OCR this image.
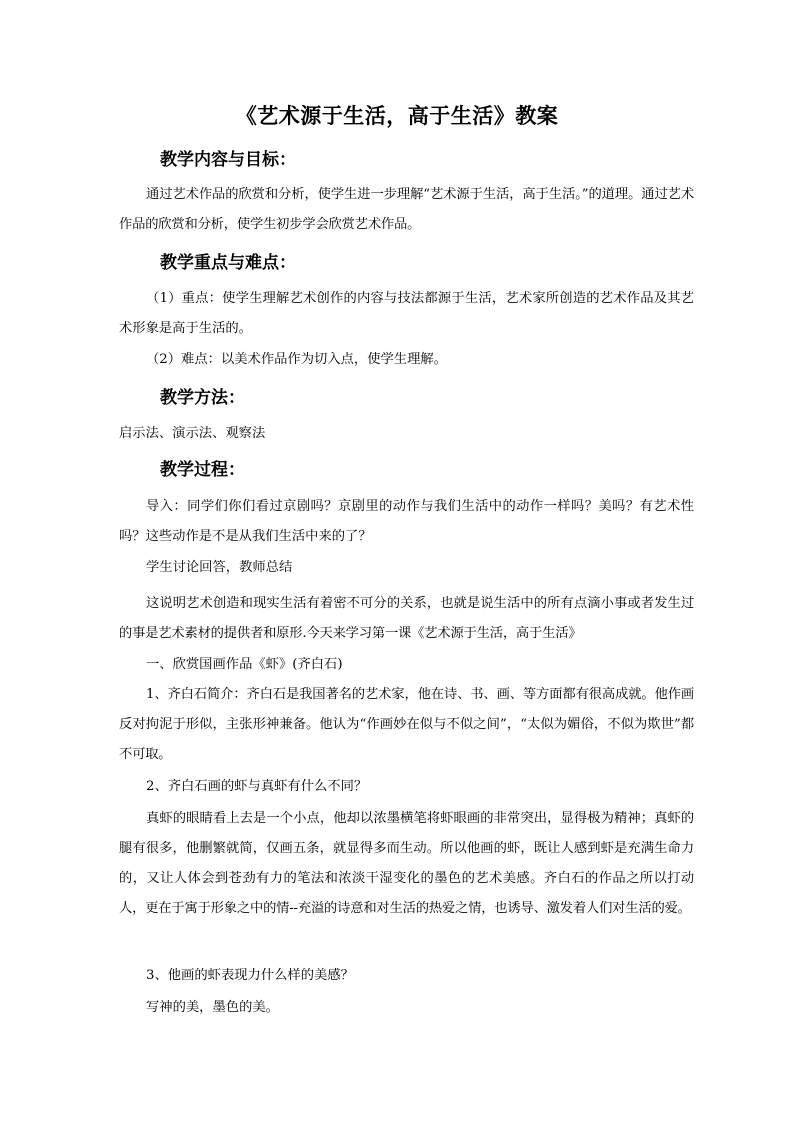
《艺术源于生活，高于生活》教案
教学内容与目标：
通过艺术作品的欣赏和分析，使学生进一步理解“艺术源于生活，高于生活。”的道理。通过艺术作品的欣赏和分析，使学生初步学会欣赏艺术作品。
教学重点与难点：
（1）重点：使学生理解艺术创作的内容与技法都源于生活，艺术家所创造的艺术作品及其艺术形象是高于生活的。
（2）难点：以美术作品作为切入点，使学生理解。
教学方法：
启示法、演示法、观察法
教学过程：
导入：同学们你们看过京剧吗？京剧里的动作与我们生活中的动作一样吗？美吗？有艺术性吗？这些动作是不是从我们生活中来的了？
学生讨论回答，教师总结
这说明艺术创造和现实生活有着密不可分的关系，也就是说生活中的所有点滴小事或者发生过的事是艺术素材的提供者和原形.今天来学习第一课《艺术源于生活，高于生活》
一、欣赏国画作品《虾》(齐白石)
1、齐白石简介：齐白石是我国著名的艺术家，他在诗、书、画、等方面都有很高成就。他作画反对拘泥于形似，主张形神兼备。他认为“作画妙在似与不似之间”，“太似为媚俗，不似为欺世”都不可取。
2、齐白石画的虾与真虾有什么不同？
真虾的眼睛看上去是一个小点，他却以浓墨横笔将虾眼画的非常突出，显得极为精神；真虾的腿有很多，他删繁就简，仅画五条，就显得多而生动。所以他画的虾，既让人感到虾是充满生命力的，又让人体会到苍劲有力的笔法和浓淡干湿变化的墨色的艺术美感。齐白石的作品之所以打动人，更在于寓于形象之中的情--充溢的诗意和对生活的热爱之情，也诱导、激发着人们对生活的爱。
3、他画的虾表现力什么样的美感？
写神的美，墨色的美。
